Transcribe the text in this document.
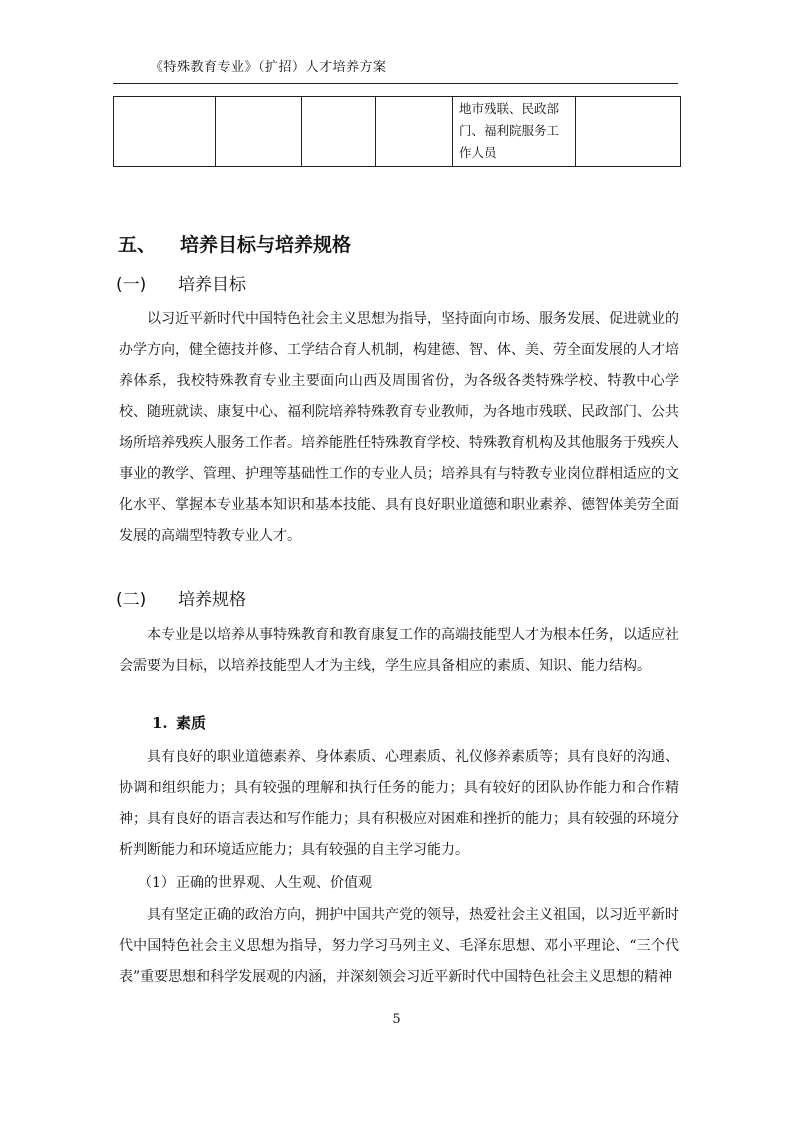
《特殊教育专业》（扩招）人才培养方案
				地市残联、民政部门、福利院服务工作人员	
五、 培养目标与培养规格
(一) 培养目标

以习近平新时代中国特色社会主义思想为指导，坚持面向市场、服务发展、促进就业的办学方向，健全德技并修、工学结合育人机制，构建德、智、体、美、劳全面发展的人才培养体系，我校特殊教育专业主要面向山西及周围省份，为各级各类特殊学校、特教中心学校、随班就读、康复中心、福利院培养特殊教育专业教师，为各地市残联、民政部门、公共场所培养残疾人服务工作者。培养能胜任特殊教育学校、特殊教育机构及其他服务于残疾人事业的教学、管理、护理等基础性工作的专业人员；培养具有与特教专业岗位群相适应的文化水平、掌握本专业基本知识和基本技能、具有良好职业道德和职业素养、德智体美劳全面发展的高端型特教专业人才。

(二) 培养规格

本专业是以培养从事特殊教育和教育康复工作的高端技能型人才为根本任务，以适应社会需要为目标，以培养技能型人才为主线，学生应具备相应的素质、知识、能力结构。

1. 素质

具有良好的职业道德素养、身体素质、心理素质、礼仪修养素质等；具有良好的沟通、协调和组织能力；具有较强的理解和执行任务的能力；具有较好的团队协作能力和合作精神；具有良好的语言表达和写作能力；具有积极应对困难和挫折的能力；具有较强的环境分析判断能力和环境适应能力；具有较强的自主学习能力。

（1）正确的世界观、人生观、价值观

具有坚定正确的政治方向，拥护中国共产党的领导，热爱社会主义祖国，以习近平新时代中国特色社会主义思想为指导，努力学习马列主义、毛泽东思想、邓小平理论、“三个代表”重要思想和科学发展观的内涵，并深刻领会习近平新时代中国特色社会主义思想的精神

5
